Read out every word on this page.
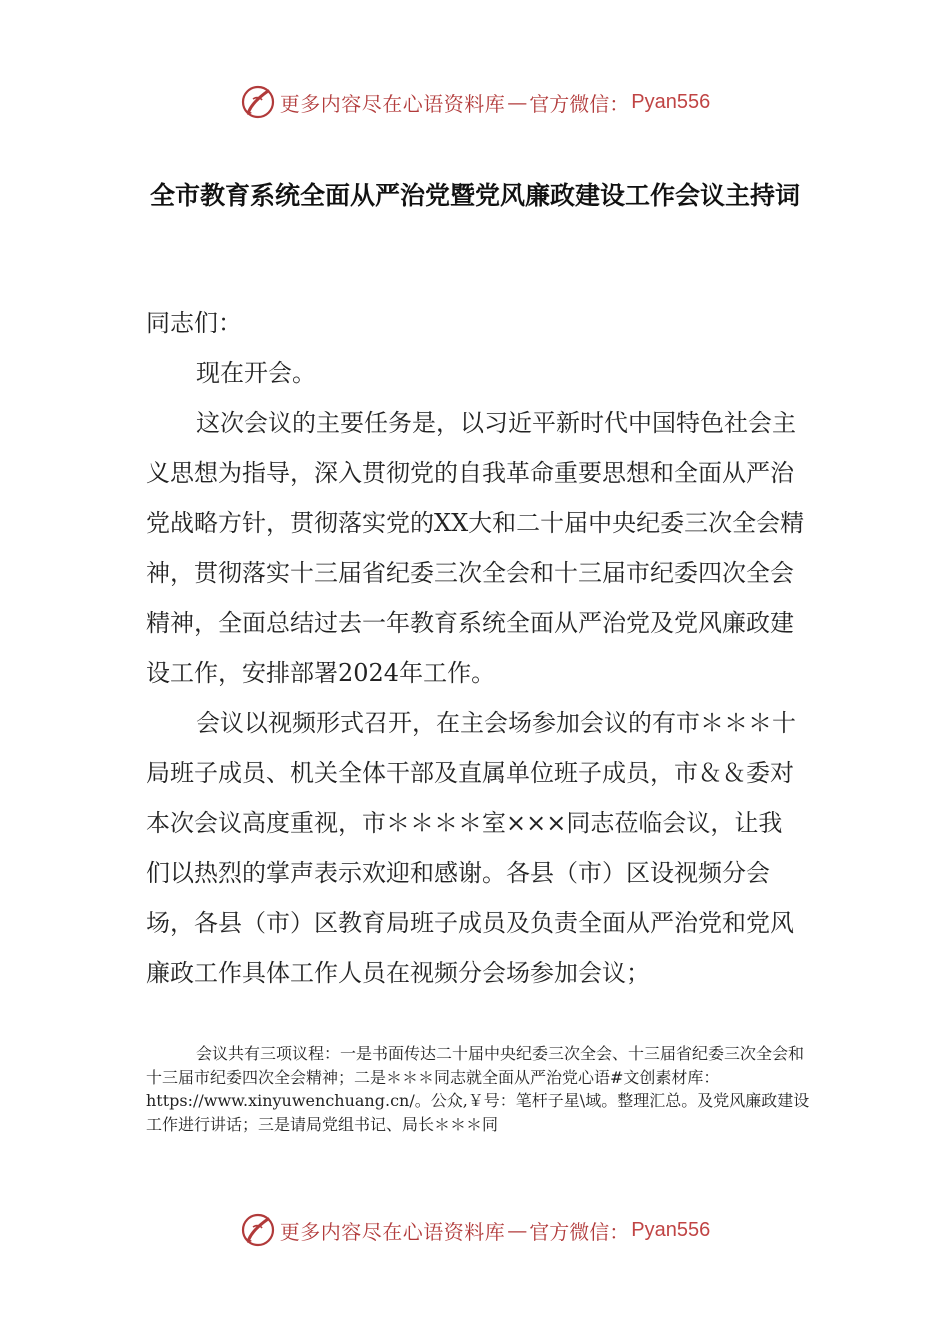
更多内容尽在心语资料库 — 官方微信： Pyan556
全市教育系统全面从严治党暨党风廉政建设工作会议主持词

同志们：

现在开会。

这次会议的主要任务是，以习近平新时代中国特色社会主义思想为指导，深入贯彻党的自我革命重要思想和全面从严治党战略方针，贯彻落实党的XX大和二十届中央纪委三次全会精神，贯彻落实十三届省纪委三次全会和十三届市纪委四次全会精神，全面总结过去一年教育系统全面从严治党及党风廉政建设工作，安排部署2024年工作。

会议以视频形式召开，在主会场参加会议的有市＊＊＊十局班子成员、机关全体干部及直属单位班子成员，市＆＆委对本次会议高度重视，市＊＊＊＊室×××同志莅临会议，让我们以热烈的掌声表示欢迎和感谢。各县（市）区设视频分会场，各县（市）区教育局班子成员及负责全面从严治党和党风廉政工作具体工作人员在视频分会场参加会议；

会议共有三项议程：一是书面传达二十届中央纪委三次全会、十三届省纪委三次全会和十三届市纪委四次全会精神；二是＊＊＊同志就全面从严治党心语#文创素材库：https://www.xinyuwenchuang.cn/。公众,￥号：笔杆子星\域。整理汇总。及党风廉政建设工作进行讲话；三是请局党组书记、局长＊＊＊同

更多内容尽在心语资料库 — 官方微信： Pyan556
